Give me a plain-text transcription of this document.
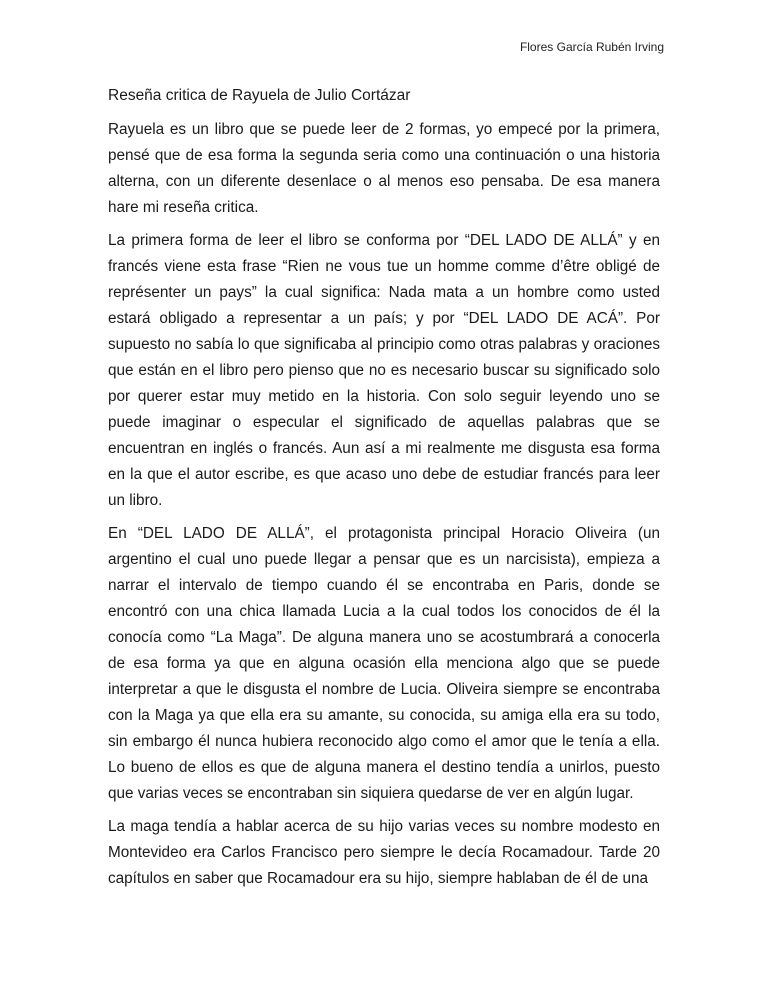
Flores García Rubén Irving

Reseña critica de Rayuela de Julio Cortázar

Rayuela es un libro que se puede leer de 2 formas, yo empecé por la primera, pensé que de esa forma la segunda seria como una continuación o una historia alterna, con un diferente desenlace o al menos eso pensaba. De esa manera hare mi reseña critica.

La primera forma de leer el libro se conforma por “DEL LADO DE ALLÁ” y en francés viene esta frase “Rien ne vous tue un homme comme d’être obligé de représenter un pays” la cual significa: Nada mata a un hombre como usted estará obligado a representar a un país; y por “DEL LADO DE ACÁ”. Por supuesto no sabía lo que significaba al principio como otras palabras y oraciones que están en el libro pero pienso que no es necesario buscar su significado solo por querer estar muy metido en la historia. Con solo seguir leyendo uno se puede imaginar o especular el significado de aquellas palabras que se encuentran en inglés o francés. Aun así a mi realmente me disgusta esa forma en la que el autor escribe, es que acaso uno debe de estudiar francés para leer un libro.

En “DEL LADO DE ALLÁ”, el protagonista principal Horacio Oliveira (un argentino el cual uno puede llegar a pensar que es un narcisista), empieza a narrar el intervalo de tiempo cuando él se encontraba en Paris, donde se encontró con una chica llamada Lucia a la cual todos los conocidos de él la conocía como “La Maga”. De alguna manera uno se acostumbrará a conocerla de esa forma ya que en alguna ocasión ella menciona algo que se puede interpretar a que le disgusta el nombre de Lucia. Oliveira siempre se encontraba con la Maga ya que ella era su amante, su conocida, su amiga ella era su todo, sin embargo él nunca hubiera reconocido algo como el amor que le tenía a ella. Lo bueno de ellos es que de alguna manera el destino tendía a unirlos, puesto que varias veces se encontraban sin siquiera quedarse de ver en algún lugar.

La maga tendía a hablar acerca de su hijo varias veces su nombre modesto en Montevideo era Carlos Francisco pero siempre le decía Rocamadour. Tarde 20 capítulos en saber que Rocamadour era su hijo, siempre hablaban de él de una
